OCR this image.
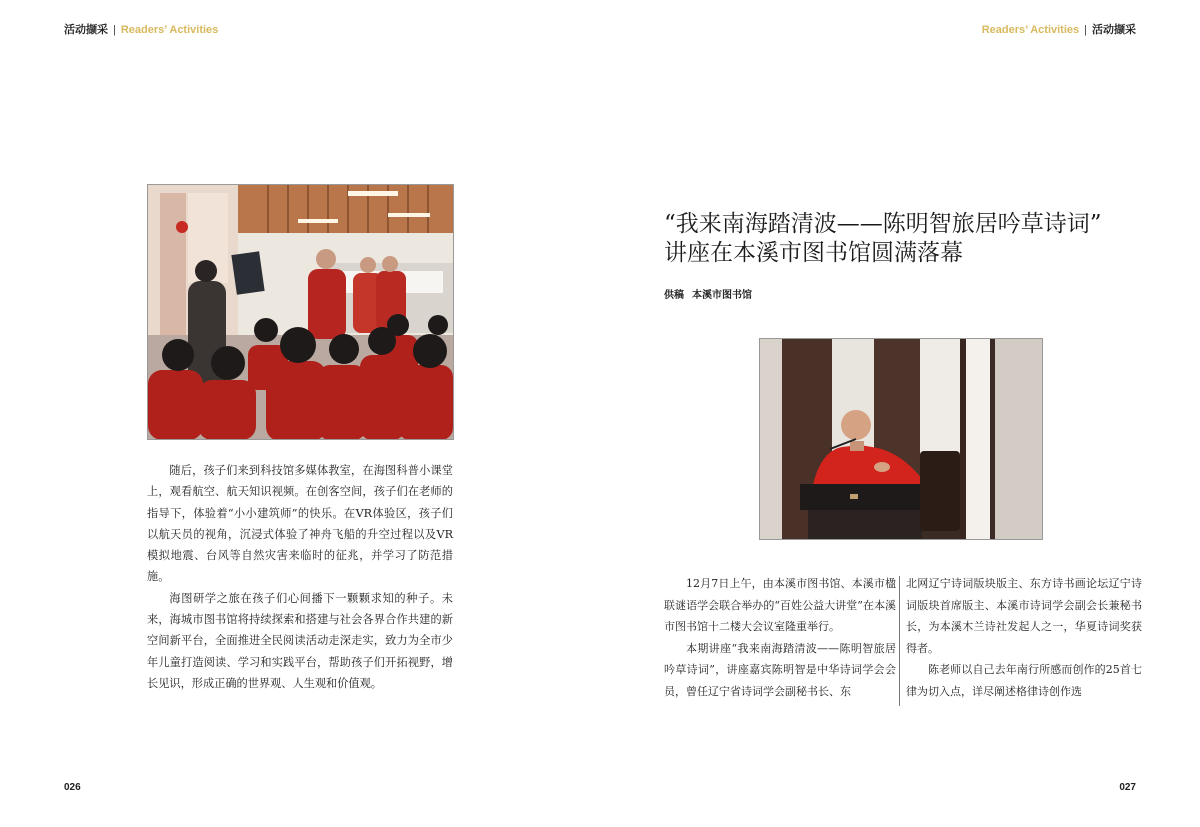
活动撷采 | Readers’ Activities	Readers’ Activities | 活动撷采

随后，孩子们来到科技馆多媒体教室，在海图科普小课堂上，观看航空、航天知识视频。在创客空间，孩子们在老师的指导下，体验着“小小建筑师”的快乐。在VR体验区，孩子们以航天员的视角，沉浸式体验了神舟飞船的升空过程以及VR模拟地震、台风等自然灾害来临时的征兆，并学习了防范措施。

海图研学之旅在孩子们心间播下一颗颗求知的种子。未来，海城市图书馆将持续探索和搭建与社会各界合作共建的新空间新平台，全面推进全民阅读活动走深走实，致力为全市少年儿童打造阅读、学习和实践平台，帮助孩子们开拓视野，增长见识，形成正确的世界观、人生观和价值观。

“我来南海踏清波——陈明智旅居吟草诗词”
讲座在本溪市图书馆圆满落幕
供稿 本溪市图书馆

12月7日上午，由本溪市图书馆、本溪市楹联谜语学会联合举办的“百姓公益大讲堂”在本溪市图书馆十二楼大会议室隆重举行。

本期讲座“我来南海踏清波——陈明智旅居吟草诗词”，讲座嘉宾陈明智是中华诗词学会会员，曾任辽宁省诗词学会副秘书长、东

北网辽宁诗词版块版主、东方诗书画论坛辽宁诗词版块首席版主、本溪市诗词学会副会长兼秘书长，为本溪木兰诗社发起人之一，华夏诗词奖获得者。

陈老师以自己去年南行所感而创作的25首七律为切入点，详尽阐述格律诗创作选

026	027
